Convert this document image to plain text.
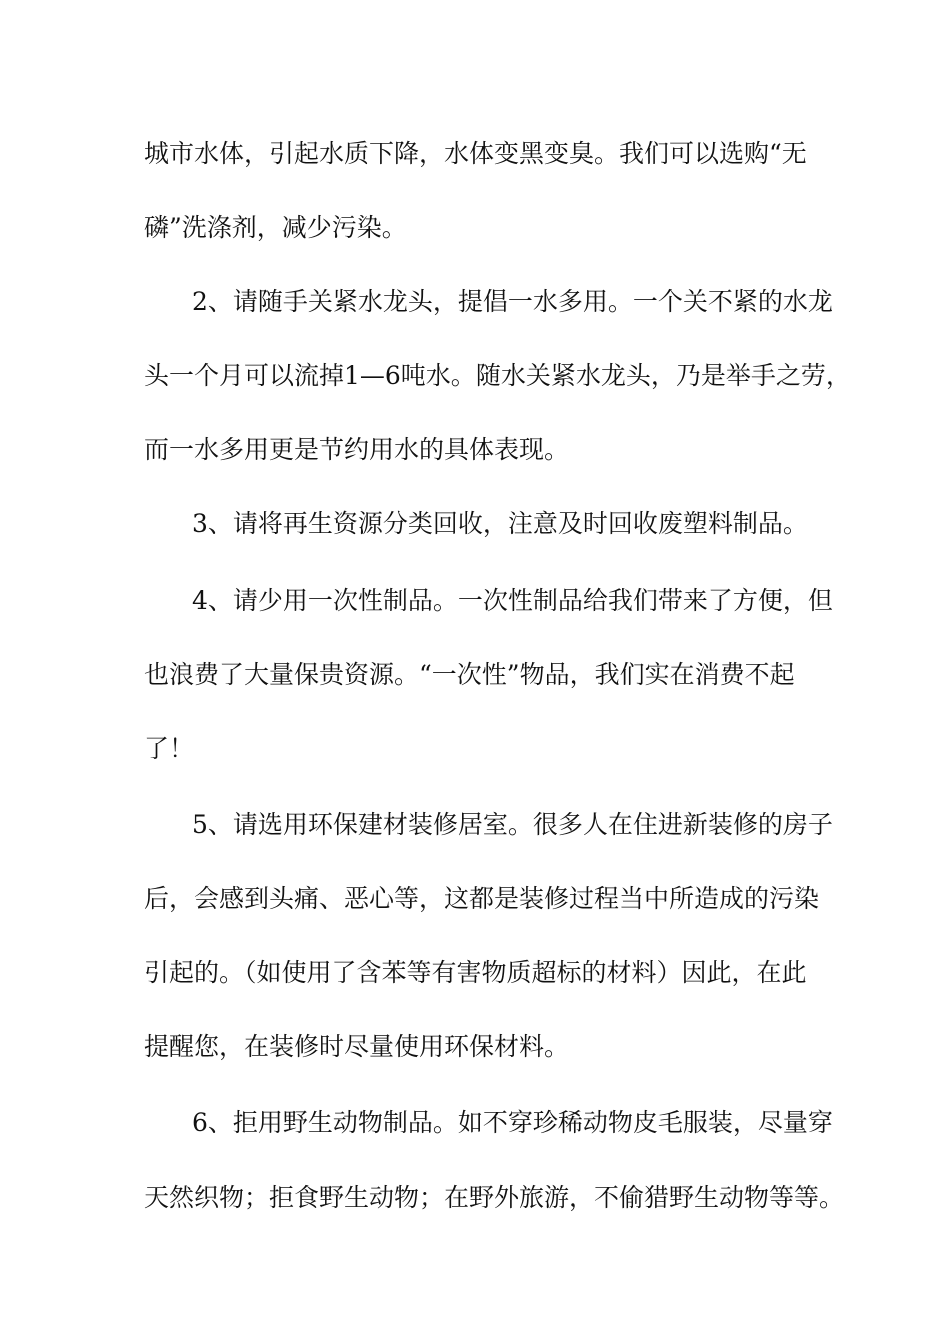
城市水体，引起水质下降，水体变黑变臭。我们可以选购“无
磷”洗涤剂，减少污染。
2、请随手关紧水龙头，提倡一水多用。一个关不紧的水龙
头一个月可以流掉1—6吨水。随水关紧水龙头，乃是举手之劳，
而一水多用更是节约用水的具体表现。
3、请将再生资源分类回收，注意及时回收废塑料制品。
4、请少用一次性制品。一次性制品给我们带来了方便，但
也浪费了大量保贵资源。“一次性”物品，我们实在消费不起
了！
5、请选用环保建材装修居室。很多人在住进新装修的房子
后，会感到头痛、恶心等，这都是装修过程当中所造成的污染
引起的。（如使用了含苯等有害物质超标的材料）因此，在此
提醒您，在装修时尽量使用环保材料。
6、拒用野生动物制品。如不穿珍稀动物皮毛服装，尽量穿
天然织物；拒食野生动物；在野外旅游，不偷猎野生动物等等。
